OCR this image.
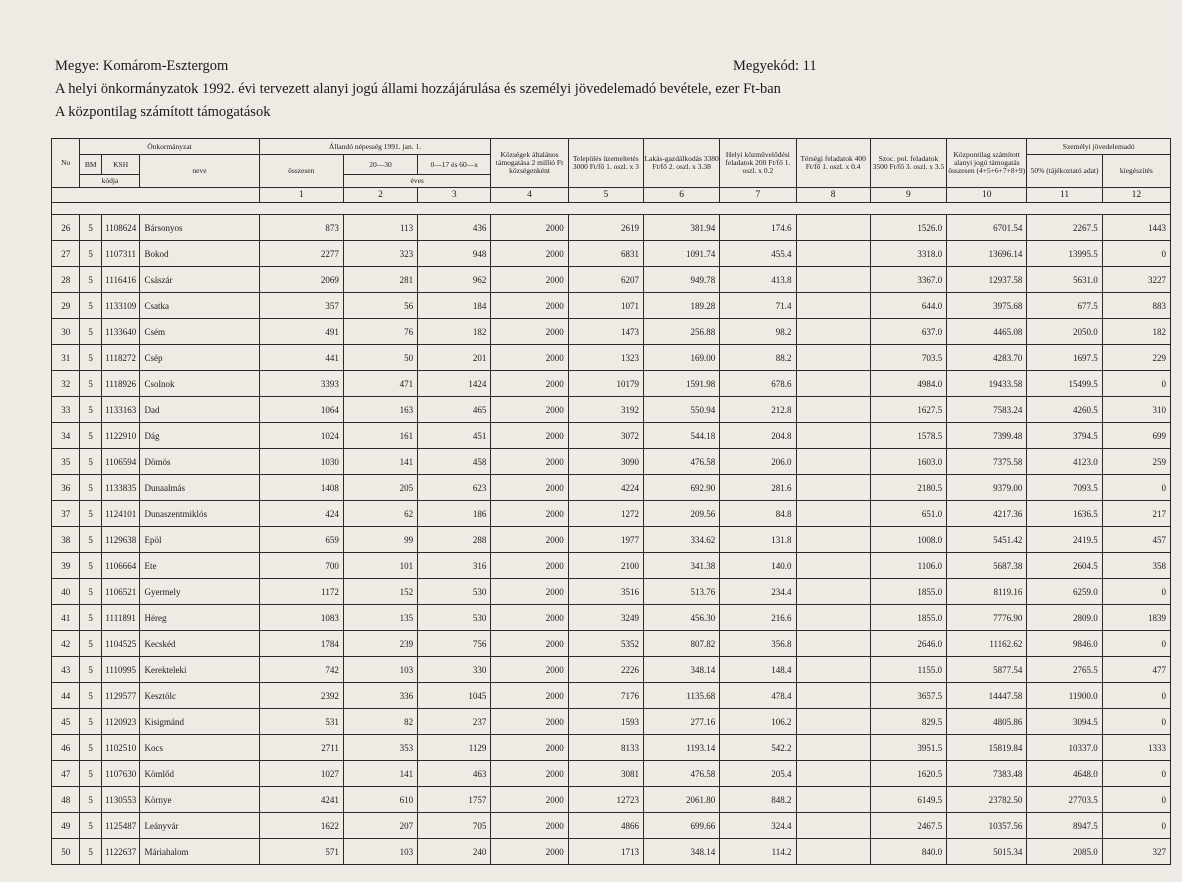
Megye: Komárom-Esztergom	Megyekód: 11
A helyi önkormányzatok 1992. évi tervezett alanyi jogú állami hozzájárulása és személyi jövedelemadó bevétele, ezer Ft-ban
A központilag számított támogatások
No	Önkormányzat			Állandó népesség 1991. jan. 1.			Községek általános támogatása 2 millió Ft községenként	Település üzemeltetés 3000 Ft/fő 1. oszl. x 3	Lakás-gazdálkodás 3380 Ft/fő 2. oszl. x 3.38	Helyi közművelődési feladatok 200 Ft/fő 1. oszl. x 0.2	Térségi feladatok 400 Ft/fő 1. oszl. x 0.4	Szoc. pol. feladatok 3500 Ft/fő 3. oszl. x 3.5	Központilag számított alanyi jogú támogatás összesen (4+5+6+7+8+9)	Személyi jövedelemadó	
	BM	KSH	neve	összesen	20—30	0—17 és 60—x								50% (tájékoztató adat)	kiegészítés
	kódja				éves										
				1	2	3	4	5	6	7	8	9	10	11	12

26	5	1108624	Bársonyos	873	113	436	2000	2619	381.94	174.6		1526.0	6701.54	2267.5	1443
27	5	1107311	Bokod	2277	323	948	2000	6831	1091.74	455.4		3318.0	13696.14	13995.5	0
28	5	1116416	Császár	2069	281	962	2000	6207	949.78	413.8		3367.0	12937.58	5631.0	3227
29	5	1133109	Csatka	357	56	184	2000	1071	189.28	71.4		644.0	3975.68	677.5	883
30	5	1133640	Csém	491	76	182	2000	1473	256.88	98.2		637.0	4465.08	2050.0	182
31	5	1118272	Csép	441	50	201	2000	1323	169.00	88.2		703.5	4283.70	1697.5	229
32	5	1118926	Csolnok	3393	471	1424	2000	10179	1591.98	678.6		4984.0	19433.58	15499.5	0
33	5	1133163	Dad	1064	163	465	2000	3192	550.94	212.8		1627.5	7583.24	4260.5	310
34	5	1122910	Dág	1024	161	451	2000	3072	544.18	204.8		1578.5	7399.48	3794.5	699
35	5	1106594	Dömös	1030	141	458	2000	3090	476.58	206.0		1603.0	7375.58	4123.0	259
36	5	1133835	Dunaalmás	1408	205	623	2000	4224	692.90	281.6		2180.5	9379.00	7093.5	0
37	5	1124101	Dunaszentmiklós	424	62	186	2000	1272	209.56	84.8		651.0	4217.36	1636.5	217
38	5	1129638	Epöl	659	99	288	2000	1977	334.62	131.8		1008.0	5451.42	2419.5	457
39	5	1106664	Ete	700	101	316	2000	2100	341.38	140.0		1106.0	5687.38	2604.5	358
40	5	1106521	Gyermely	1172	152	530	2000	3516	513.76	234.4		1855.0	8119.16	6259.0	0
41	5	1111891	Héreg	1083	135	530	2000	3249	456.30	216.6		1855.0	7776.90	2809.0	1839
42	5	1104525	Kecskéd	1784	239	756	2000	5352	807.82	356.8		2646.0	11162.62	9846.0	0
43	5	1110995	Kerekteleki	742	103	330	2000	2226	348.14	148.4		1155.0	5877.54	2765.5	477
44	5	1129577	Kesztölc	2392	336	1045	2000	7176	1135.68	478.4		3657.5	14447.58	11900.0	0
45	5	1120923	Kisigmánd	531	82	237	2000	1593	277.16	106.2		829.5	4805.86	3094.5	0
46	5	1102510	Kocs	2711	353	1129	2000	8133	1193.14	542.2		3951.5	15819.84	10337.0	1333
47	5	1107630	Kömlőd	1027	141	463	2000	3081	476.58	205.4		1620.5	7383.48	4648.0	0
48	5	1130553	Környe	4241	610	1757	2000	12723	2061.80	848.2		6149.5	23782.50	27703.5	0
49	5	1125487	Leányvár	1622	207	705	2000	4866	699.66	324.4		2467.5	10357.56	8947.5	0
50	5	1122637	Máriahalom	571	103	240	2000	1713	348.14	114.2		840.0	5015.34	2085.0	327
